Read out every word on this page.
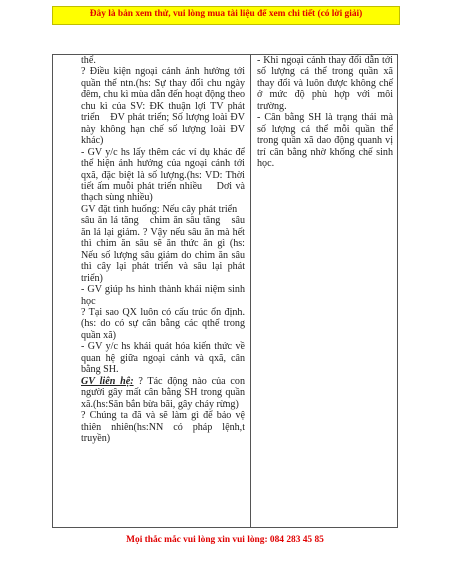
Đây là bản xem thử, vui lòng mua tài liệu để xem chi tiết (có lời giải)

thể.

? Điều kiện ngoại cảnh ảnh hưởng tới quần thể ntn.(hs: Sự thay đổi chu ngày đêm, chu kì mùa dẫn đến hoạt động theo chu kì của SV: ĐK thuận lợi TV phát triển ĐV phát triển; Số lượng loài ĐV này không hạn chế số lượng loài ĐV khác)

- GV y/c hs lấy thêm các ví dụ khác để thể hiện ảnh hưởng của ngoại cảnh tới qxã, đặc biệt là số lượng.(hs: VD: Thời tiết ấm muỗi phát triển nhiều Dơi và thạch sùng nhiều)

GV đặt tình huống: Nếu cây phát triển sâu ăn lá tăng chim ăn sâu tăng sâu ăn lá lại giảm. ? Vậy nếu sâu ăn mà hết thì chim ăn sâu sẽ ăn thức ăn gì (hs: Nếu số lượng sâu giảm do chim ăn sâu thì cây lại phát triển và sâu lại phát triển)

- GV giúp hs hình thành khái niệm sinh học

? Tại sao QX luôn có cấu trúc ổn định.(hs: do có sự cân bằng các qthể trong quần xã)

- GV y/c hs khái quát hóa kiến thức về quan hệ giữa ngoại cảnh và qxã, cân bằng SH.

GV liên hệ: ? Tác động nào của con người gây mất cân bằng SH trong quần xã.(hs:Săn bắn bừa bãi, gây cháy rừng)

? Chúng ta đã và sẽ làm gì để bảo vệ thiên nhiên(hs:NN có pháp lệnh,t truyền)

- Khi ngoại cảnh thay đổi dẫn tới số lượng cá thể trong quần xã thay đổi và luôn được không chế ở mức độ phù hợp với môi trường.

- Cân bằng SH là trạng thái mà số lượng cá thể mỗi quần thể trong quần xã dao động quanh vị trí cân bằng nhờ khống chế sinh học.

Mọi thắc mắc vui lòng xin vui lòng: 084 283 45 85
